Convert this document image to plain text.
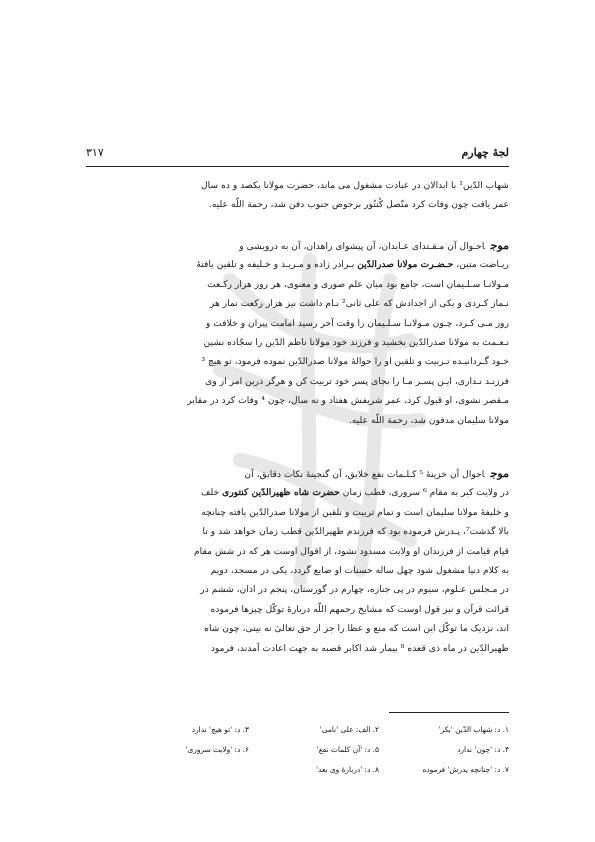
لجهٔ چهارم
۳۱۷
شهاب الدّین¹ با ابدالان در عبادت مشغول می ماند، حضرت مولانا یکصد و ده سال
عمر یافت چون وفات کرد متّصل کُنتُور برحوض جنوب دفن شد، رحمة اللّه علیه.
موجاحـوال آن مـقـتدای عـابدان، آن پیشوای زاهدان، آن به درویشی و
ریـاضت متین، حـضـرت مولانا صدرالدّین بـرادر زاده و مـریـد و خـلیفه و تلقین یافتهٔ
مـولانـا سـلـیمان است، جامع بود میان علم صوری و معنوی، هر روز هزار رکـعت
نـماز کـردی و یکی از اجدادش که علی ثانی² نـام داشت نیز هزار رکعت نماز هر
روز مـی کـرد، چـون مـولانـا سـلـیمان را وقت آخر رسید امامت پیران و خلافت و
نـعـمت به مولانا صدرالدّین بخشید و فرزند خود مولانا ناظم الدّین را سجّاده نشین
خـود گـردانیـده تـربیت و تلقین او را حوالهٔ مولانا صدرالدّین نموده فرمود، تو هیچ ³
فرزنـد نـداری، ایـن پسـر مـا را بجای پسر خود تربیت کن و هرگز درین امر از وی
مـقصر نشوی، او قبول کرد، عمر شریفش هفتاد و نه سال، چون ⁴ وفات کرد در مقابر
مولانا سلیمان مدفون شد، رحمة اللّه علیه.
موجاحوال آن خزینهٔ ⁵ کـلـمات نفع خلایق، آن گنجینهٔ نکات دقایق، آن
در ولایت کبر به مقام ⁶ سروری، قطب زمان حضرت شاه ظهیرالدّین کنتوری خلف
و خلیفهٔ مولانا سلیمان است و تمام تربیت و تلقین از مولانا صدرالدّین یافته چنانچه
بالا گذشت⁷، پـدرش فرموده بود که فرزندم ظهیرالدّین قطب زمان خواهد شد و تا
قیام قیامت از فرزندان او ولایت مسدود نشود، از اقوال اوست هر که در شش مقام
به کلام دنیا مشغول شود چهل ساله حسنات او ضایع گردد، یکی در مسجد، دویم
در مـجلس عـلوم، سیوم در پی جنازه، چهارم در گورستان، پنجم در اذان، ششم در
قرائت قرآن و نیز قول اوست که مشایخ رحمهم اللّه دربارهٔ توکّل چیزها فرموده
اند، نزدیک ما توکّل این است که منع و عطا را جز از حق تعالیٰ نه بینی، چون شاه
ظهیرالدّین در ماه ذی قعده ⁸ بیمار شد اکابر قصبه به جهت اعادت آمدند، فرمود
۱. د: شهاب الدّین 'بکر'
۲. الف: علی 'نامی'
۳. د: 'تو هیچ' ندارد
۴. د: 'چون' ندارد
۵. د: 'آن کلمات نفع'
۶. د: 'ولایت سروری'
۷. د: 'چنانچه پدرش' فرموده
۸. د: 'دربارهٔ وی بعد'
